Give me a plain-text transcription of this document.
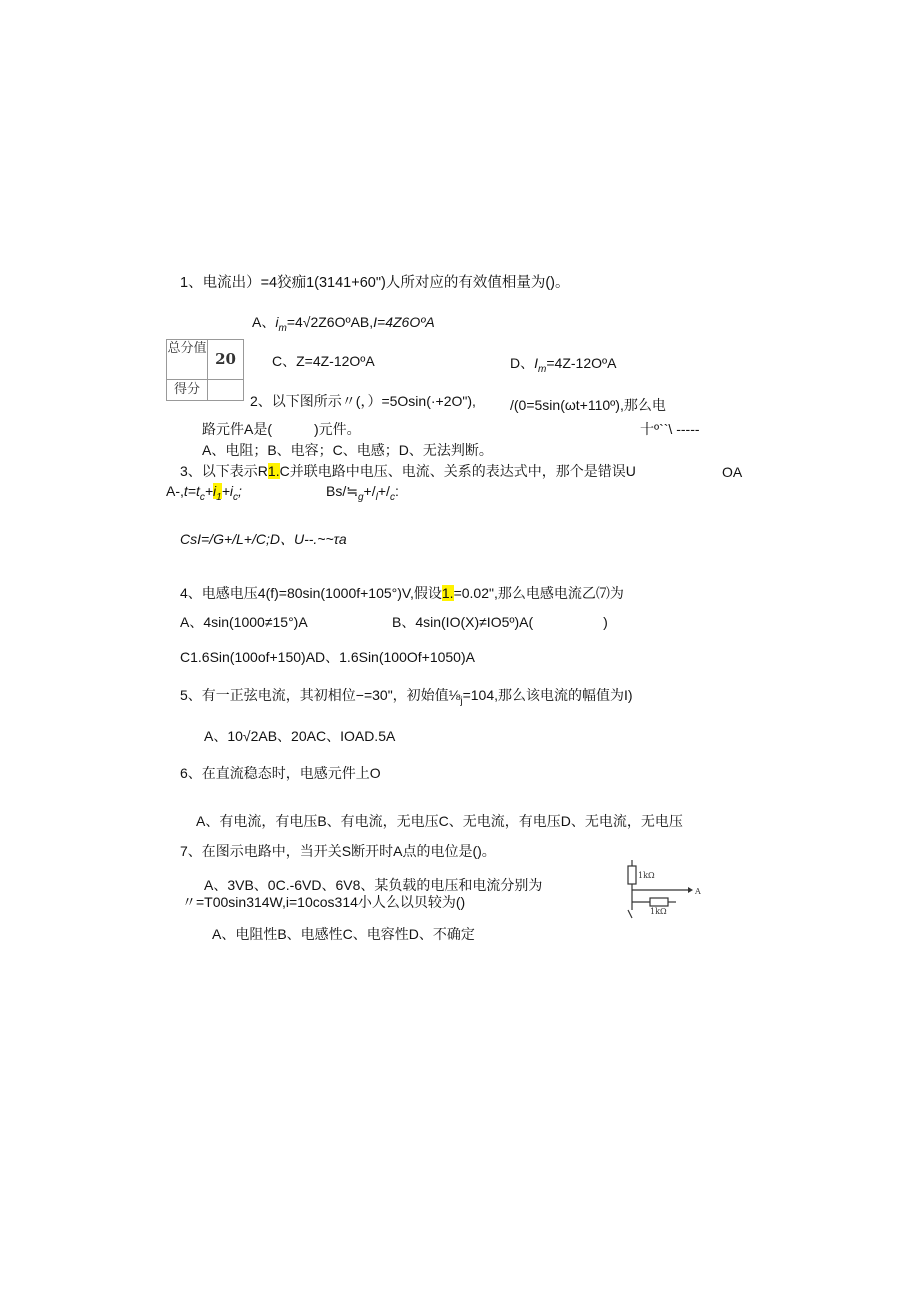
1、电流出）=4狡痂1(3141+60")人所对应的有效值相量为()。
A、$i_m=4√2Z6OºAB,I=4Z6OºA$
总分值
20
得分
C、Z=4Z-12OºA	D、$I_m=4Z-12OºA$
2、以下图所示〃(，）=5Osin(·+2O"), /(0=5sin(ωt+110º),那么电
路元件A是(　　　)元件。	十º``\ -----
A、电阻；B、电容；C、电感；D、无法判断。
3、以下表示R1.C并联电路中电压、电流、关系的表达式中，那个是错误U	OA
$A-,t=t_c+i_1+i_c$;	$Bs/≒_g+/_l+/_c$:
CsI=/G+/L+/C;D、U--.~~τa
4、电感电压4(f)=80sin(1000f+105°)V,假设1.=0.02",那么电感电流乙⑺为
A、4sin(1000≠15°)A	B、4sin(IO(X)≠IO5º)A(　　　　　)
C1.6Sin(100of+150)AD、1.6Sin(100Of+1050)A
5、有一正弦电流，其初相位−=30"，初始值$\frac{1}{8}_j=104$,那么该电流的幅值为I)
A、10√2AB、20AC、IOAD.5A
6、在直流稳态时，电感元件上O
A、有电流，有电压B、有电流，无电压C、无电流，有电压D、无电流，无电压
7、在图示电路中，当开关S断开时A点的电位是()。
A、3VB、0C.-6VD、6V8、某负载的电压和电流分别为
〃=T00sin314W,i=10cos314小人么以贝较为()
A、电阻性B、电感性C、电容性D、不确定
1kΩ
A
1kΩ
